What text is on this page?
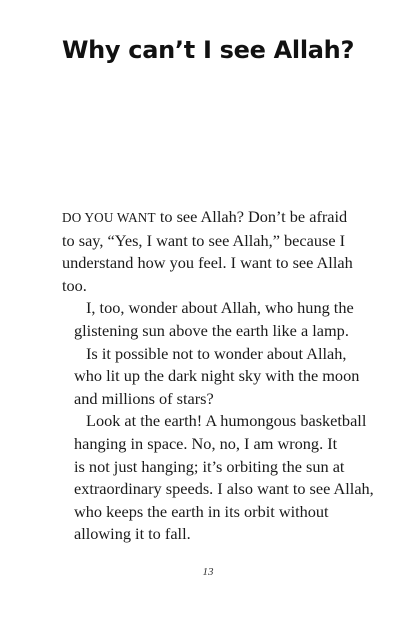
Why can’t I see Allah?

DO YOU WANT to see Allah? Don’t be afraid
to say, “Yes, I want to see Allah,” because I
understand how you feel. I want to see Allah
too.

I, too, wonder about Allah, who hung the
glistening sun above the earth like a lamp.

Is it possible not to wonder about Allah,
who lit up the dark night sky with the moon
and millions of stars?

Look at the earth! A humongous basketball
hanging in space. No, no, I am wrong. It
is not just hanging; it’s orbiting the sun at
extraordinary speeds. I also want to see Allah,
who keeps the earth in its orbit without
allowing it to fall.

13
